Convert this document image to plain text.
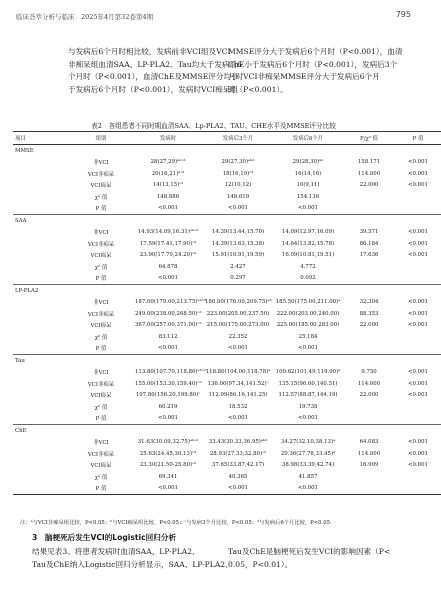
临床荟萃分析与临床　 2025年4月第32卷第4期	795
与发病后6个月时相比较，发病前非VCI组及VCI
非痴呆组血清SAA、LP-PLA2、Tau均大于发病后6
个月时（P<0.001），血清ChE及MMSE评分均小
于发病后6个月时（P<0.001），发病时VCI痴呆组
MMSE评分大于发病后6个月时（P<0.001），血清
ChE小于发病后6个月时（P<0.001），发病后3个
月时VCI非痴呆MMSE评分大于发病后6个月
时（P<0.001）。
表2　各组患者不同时期血清SAA、Lp-PLA2、TAU、CHE水平及MMSE评分比较
项目	组别	发病时	发病后3个月	发病后6个月	F/χ² 值	P 值
MMSE						
	非VCI	28(27,29)ᵃᵇᶜᵈ	29(27,30)ᵃᵇᵈ	29(28,30)ᵃᵇ	158.171	<0.001
	VCI非痴呆	20(16,21)ᵃᶜᵈ	18(16,19)ᶜᵈ	16(14,16)	114.000	<0.001
	VCI痴呆	14(13,15)ᶜᵈ	12(10,12)	10(9,11)	22.000	<0.001
	χ² 值	148.886	149.619	154.136		
	P 值	<0.001	<0.001	<0.001		
SAA						
	非VCI	14.93(14.09,16.31)ᵃᵇᶜᵈ	14.39(13.44,15.70)	14.09(12.97,16.09)	39.571	<0.001
	VCI非痴呆	17.59(17.41,17.90)ᶜᵈ	14.39(13.63,15.38)	14.64(13.82,15.78)	86.184	<0.001
	VCI痴呆	23.90(17.70,24.20)ᶜᵈ	15.91(10.91,19.59)	16.09(10.81,19.51)	17.636	<0.001
	χ² 值	64.878	2.427	4.772		
	P 值	<0.001	0.297	0.092		
LP-PLA2						
	非VCI	187.00(179.00,213.75)ᵃᵇᶜᵈ	186.00(176.00,209.75)ᵃᵇ	185.50(175.00,211.00)ᵃ	32.304	<0.001
	VCI非痴呆	249.00(238.00,268.50)ᶜᵈ	223.00(205.00,237.50)	222.00(203.00,240.00)	88.353	<0.001
	VCI痴呆	367.00(257.00,371.00)ᶜᵈ	215.00(175.00,273.00)	225.00(185.00,283.00)	22.000	<0.001
	χ² 值	83.112	22.352	25.184		
	P 值	<0.001	<0.001	<0.001		
Tau						
	非VCI	113.80(107.70,118.80)ᵃᵇᶜᵈ	118.80(104.00,118.78)ᵃ	109.62(101.49,119.90)ᵃ	9.750	<0.001
	VCI非痴呆	155.00(153.30,159.40)ᶜᵈ	136.00(97.34,141.52)ᶜ	135.15(96.60,140.51)	114.000	<0.001
	VCI痴呆	197.80(156.20,199.80)ᶜ	112.09(86.16,141.25)	112.57(88.87,144.19)	22.000	<0.001
	χ² 值	60.219	18.532	19.738		
	P 值	<0.001	<0.001	<0.001		
ChE						
	非VCI	31.63(30.09,32.75)ᵃᵇᶜᵈ	33.43(30.33,36.95)ᵃᵇᵈ	34.27(32.10,38.13)ᵃ	64.083	<0.001
	VCI非痴呆	25.63(24.45,30.13)ᶜᵈ	28.93(27.33,32.80)ᶜᵈ	29.36(27.78,33.45)ᵃ	114.000	<0.001
	VCI痴呆	23.30(21.50-25.80)ᶜᵈ	37.65(33.87,42.17)	38.98(33.39,42.74)	16.909	<0.001
	χ² 值	69.341	40.365	41.857		
	P 值	<0.001	<0.001	<0.001		
注：ᵃ与VCI非痴呆组比较，P<0.05；ᵇ与VCI痴呆组比较，P<0.05；ᶜ与发病3个月比较，P<0.05；ᵈ与发病后6个月比较，P<0.05
3　脑梗死后发生VCI的Logistic回归分析
结果见表3。将患者发病时血清SAA、LP-PLA2、
Tau及ChE纳入Logistic回归分析显示，SAA、LP-PLA2、
Tau及ChE是脑梗死后发生VCI的影响因素（P<
0.05，P<0.01）。
